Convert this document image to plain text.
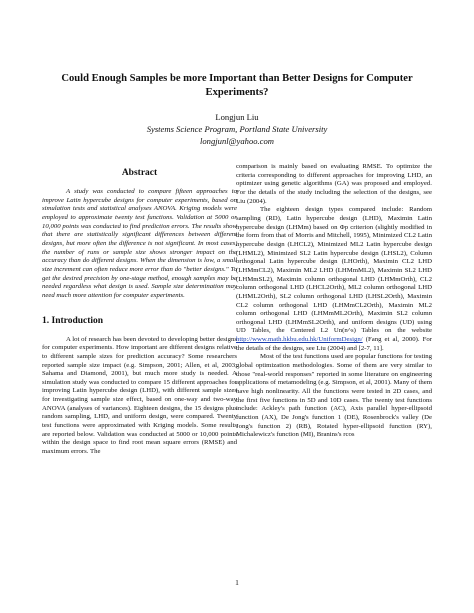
Could Enough Samples be more Important than Better Designs for Computer Experiments?
Longjun Liu
Systems Science Program, Portland State University
longjunl@yahoo.com
Abstract

A study was conducted to compare fifteen approaches to improve Latin hypercube designs for computer experiments, based on simulation tests and statistical analyses ANOVA. Kriging models were employed to approximate twenty test functions. Validation at 5000 or 10,000 points was conducted to find prediction errors. The results show that there are statistically significant differences between different designs, but more often the difference is not significant. In most cases, the number of runs or sample size shows stronger impact on the accuracy than do different designs. When the dimension is low, a small size increment can often reduce more error than do "better designs." To get the desired precision by one-stage method, enough samples may be needed regardless what design is used. Sample size determination may need much more attention for computer experiments.

1. Introduction

A lot of research has been devoted to developing better designs for computer experiments. How important are different designs relative to different sample sizes for prediction accuracy? Some researchers reported sample size impact (e.g. Simpson, 2001; Allen, et al, 2003; Sahama and Diamond, 2001), but much more study is needed. A simulation study was conducted to compare 15 different approaches for improving Latin hypercube design (LHD), with different sample sizes for investigating sample size effect, based on one-way and two-way ANOVA (analyses of variances). Eighteen designs, the 15 designs plus random sampling, LHD, and uniform design, were compared. Twenty test functions were approximated with Kriging models. Some results are reported below. Validation was conducted at 5000 or 10,000 points within the design space to find root mean square errors (RMSE) and maximum errors. The

comparison is mainly based on evaluating RMSE. To optimize the criteria corresponding to different approaches for improving LHD, an optimizer using genetic algorithms (GA) was proposed and employed. For the details of the study including the selection of the designs, see Liu (2004).

The eighteen design types compared include: Random sampling (RD), Latin hypercube design (LHD), Maximin Latin hypercube design (LHMm) based on Φp criterion (slightly modified in the form from that of Morris and Mitchell, 1995), Minimized CL2 Latin hypercube design (LHCL2), Minimized ML2 Latin hypercube design (LHML2), Minimized SL2 Latin hypercube design (LHSL2), Column orthogonal Latin hypercube design (LHOrth), Maximin CL2 LHD (LHMmCL2), Maximin ML2 LHD (LHMmML2), Maximin SL2 LHD (LHMmSL2), Maximin column orthogonal LHD (LHMmOrth), CL2 column orthogonal LHD (LHCL2Orth), ML2 column orthogonal LHD (LHML2Orth), SL2 column orthogonal LHD (LHSL2Orth), Maximin CL2 column orthogonal LHD (LHMmCL2Orth), Maximin ML2 column orthogonal LHD (LHMmML2Orth), Maximin SL2 column orthogonal LHD (LHMmSL2Orth), and uniform designs (UD) using UD Tables, the Centered L2 Un(n^s) Tables on the website http://www.math.hkbu.edu.hk/UniformDesign/ (Fang et al, 2000). For the details of the designs, see Liu (2004) and [2-7, 11].

Most of the test functions used are popular functions for testing global optimization methodologies. Some of them are very similar to those "real-world responses" reported in some literature on engineering applications of metamodeling (e.g. Simpson, et al, 2001). Many of them have high nonlinearity. All the functions were tested in 2D cases, and the first five functions in 5D and 10D cases. The twenty test functions include: Ackley's path function (AC), Axis parallel hyper-ellipsoid function (AX), De Jong's function 1 (DE), Rosenbrock's valley (De Jong's function 2) (RB), Rotated hyper-ellipsoid function (RY), Michalewicz's function (MI), Branins's rcos

1
